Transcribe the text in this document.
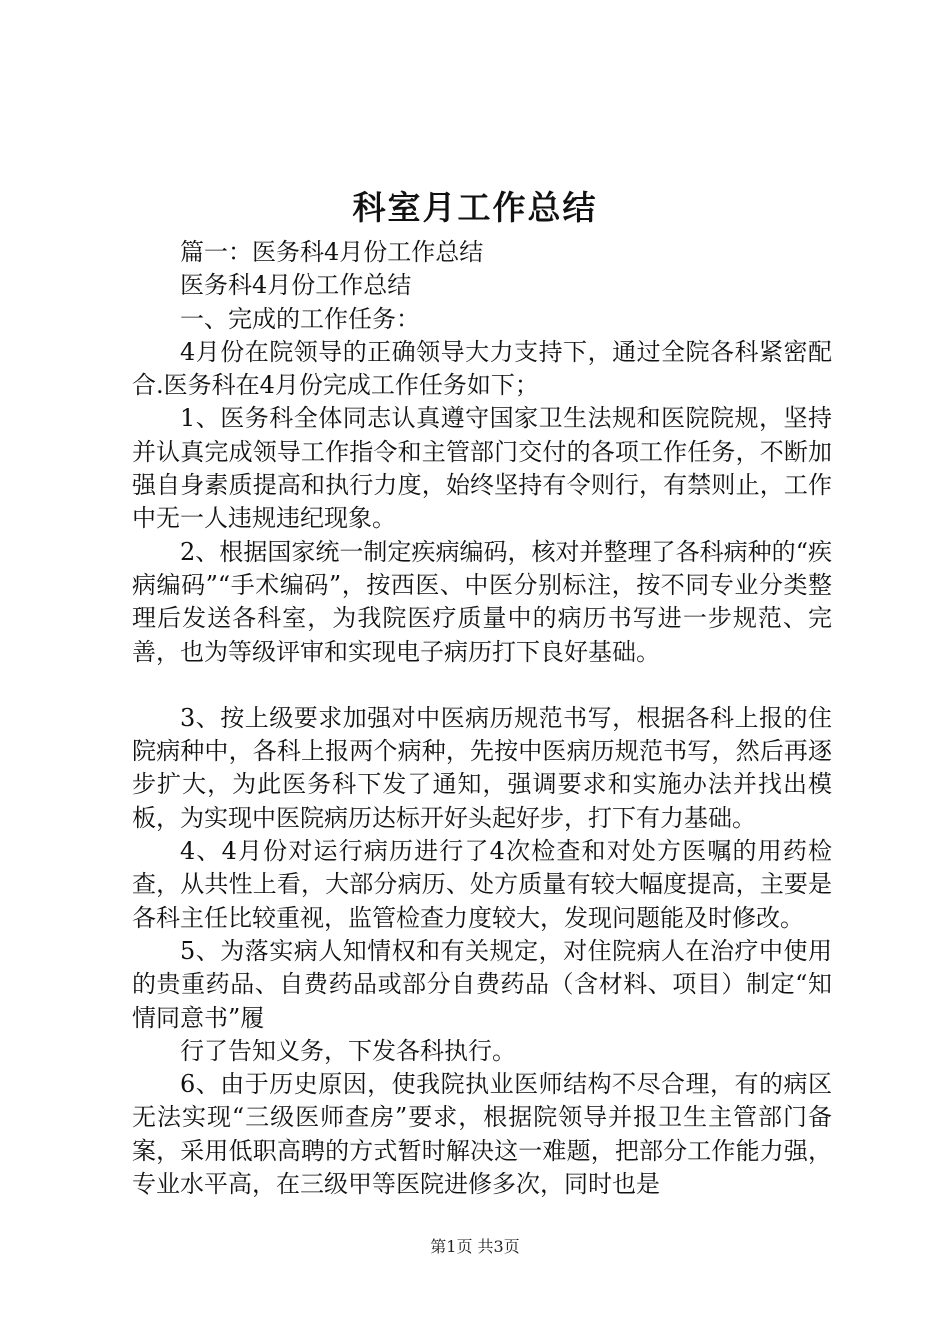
科室月工作总结

篇一：医务科4月份工作总结

医务科4月份工作总结

一、完成的工作任务：

4月份在院领导的正确领导大力支持下，通过全院各科紧密配合.医务科在4月份完成工作任务如下；

1、医务科全体同志认真遵守国家卫生法规和医院院规，坚持并认真完成领导工作指令和主管部门交付的各项工作任务，不断加强自身素质提高和执行力度，始终坚持有令则行，有禁则止，工作中无一人违规违纪现象。

2、根据国家统一制定疾病编码，核对并整理了各科病种的“疾病编码”“手术编码”，按西医、中医分别标注，按不同专业分类整理后发送各科室，为我院医疗质量中的病历书写进一步规范、完善，也为等级评审和实现电子病历打下良好基础。

3、按上级要求加强对中医病历规范书写，根据各科上报的住院病种中，各科上报两个病种，先按中医病历规范书写，然后再逐步扩大，为此医务科下发了通知，强调要求和实施办法并找出模板，为实现中医院病历达标开好头起好步，打下有力基础。

4、4月份对运行病历进行了4次检查和对处方医嘱的用药检查，从共性上看，大部分病历、处方质量有较大幅度提高，主要是各科主任比较重视，监管检查力度较大，发现问题能及时修改。

5、为落实病人知情权和有关规定，对住院病人在治疗中使用的贵重药品、自费药品或部分自费药品（含材料、项目）制定“知情同意书”履

行了告知义务，下发各科执行。

6、由于历史原因，使我院执业医师结构不尽合理，有的病区无法实现“三级医师查房”要求，根据院领导并报卫生主管部门备案，采用低职高聘的方式暂时解决这一难题，把部分工作能力强，专业水平高，在三级甲等医院进修多次，同时也是

第1页 共3页
